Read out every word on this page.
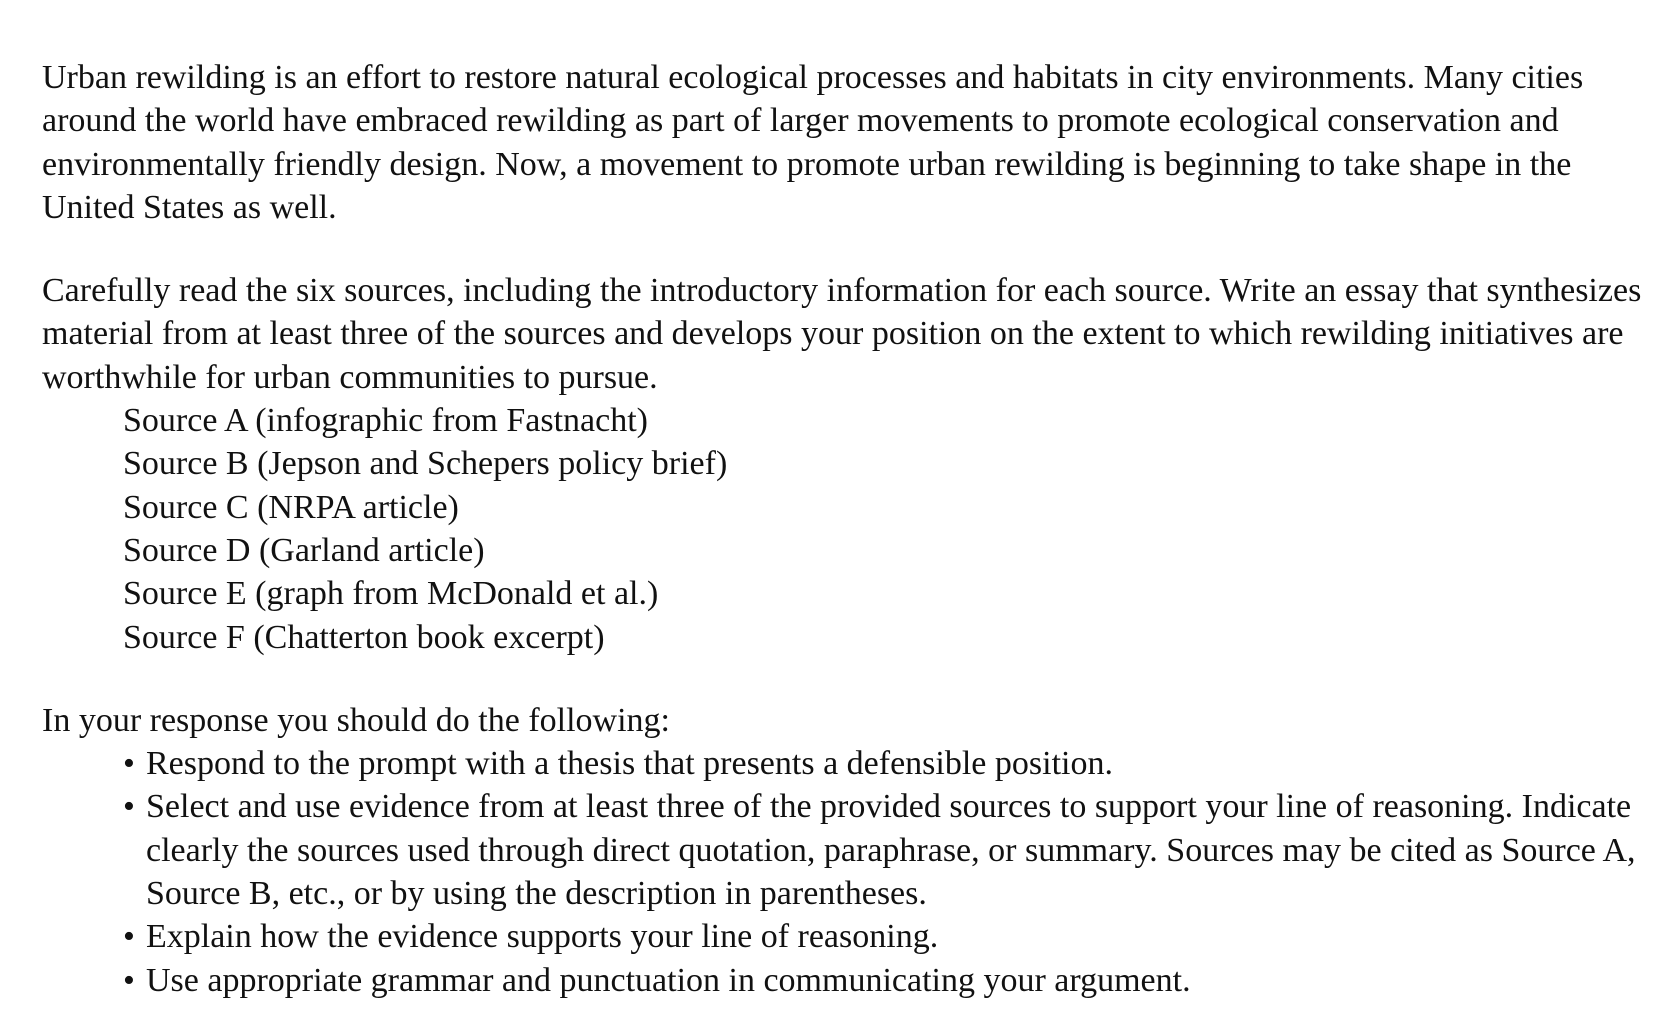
Urban rewilding is an effort to restore natural ecological processes and habitats in city environments. Many cities around the world have embraced rewilding as part of larger movements to promote ecological conservation and environmentally friendly design. Now, a movement to promote urban rewilding is beginning to take shape in the United States as well.

Carefully read the six sources, including the introductory information for each source. Write an essay that synthesizes material from at least three of the sources and develops your position on the extent to which rewilding initiatives are worthwhile for urban communities to pursue.

Source A (infographic from Fastnacht)
Source B (Jepson and Schepers policy brief)
Source C (NRPA article)
Source D (Garland article)
Source E (graph from McDonald et al.)
Source F (Chatterton book excerpt)

In your response you should do the following:

• Respond to the prompt with a thesis that presents a defensible position.
• Select and use evidence from at least three of the provided sources to support your line of reasoning. Indicate clearly the sources used through direct quotation, paraphrase, or summary. Sources may be cited as Source A, Source B, etc., or by using the description in parentheses.
• Explain how the evidence supports your line of reasoning.
• Use appropriate grammar and punctuation in communicating your argument.
